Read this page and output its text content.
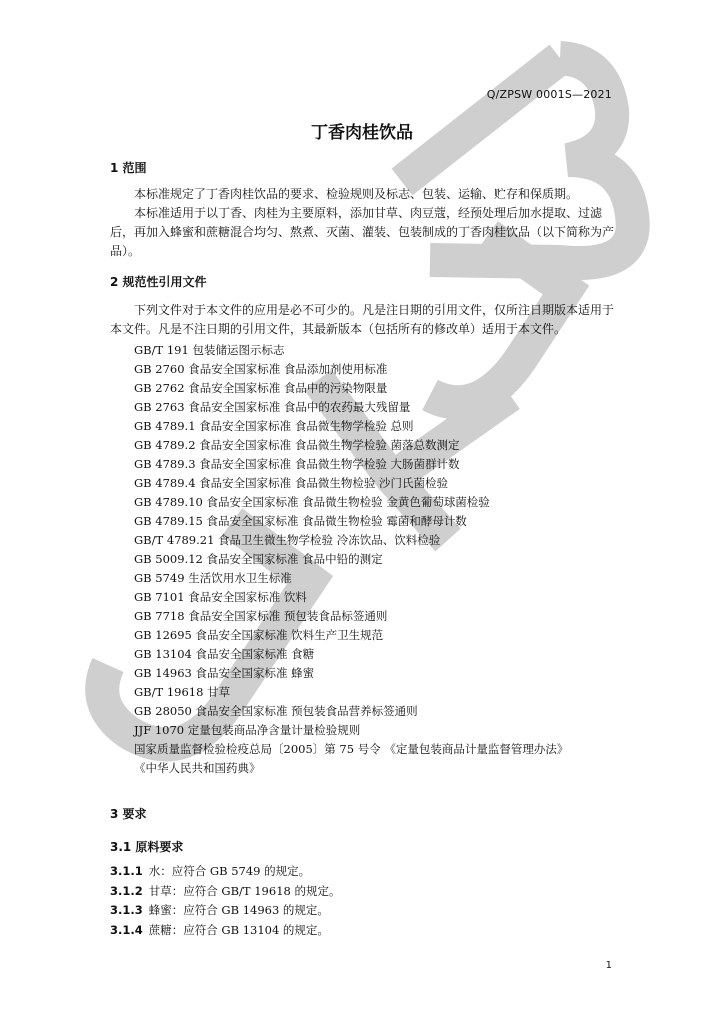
Q/ZPSW 0001S—2021
丁香肉桂饮品
1 范围
本标准规定了丁香肉桂饮品的要求、检验规则及标志、包装、运输、贮存和保质期。
本标准适用于以丁香、肉桂为主要原料，添加甘草、肉豆蔻，经预处理后加水提取、过滤后，再加入蜂蜜和蔗糖混合均匀、熬煮、灭菌、灌装、包装制成的丁香肉桂饮品（以下简称为产品）。
2 规范性引用文件
下列文件对于本文件的应用是必不可少的。凡是注日期的引用文件，仅所注日期版本适用于本文件。凡是不注日期的引用文件，其最新版本（包括所有的修改单）适用于本文件。
GB/T 191 包装储运图示标志
GB 2760 食品安全国家标准 食品添加剂使用标准
GB 2762 食品安全国家标准 食品中的污染物限量
GB 2763 食品安全国家标准 食品中的农药最大残留量
GB 4789.1 食品安全国家标准 食品微生物学检验 总则
GB 4789.2 食品安全国家标准 食品微生物学检验 菌落总数测定
GB 4789.3 食品安全国家标准 食品微生物学检验 大肠菌群计数
GB 4789.4 食品安全国家标准 食品微生物检验 沙门氏菌检验
GB 4789.10 食品安全国家标准 食品微生物检验 金黄色葡萄球菌检验
GB 4789.15 食品安全国家标准 食品微生物检验 霉菌和酵母计数
GB/T 4789.21 食品卫生微生物学检验 冷冻饮品、饮料检验
GB 5009.12 食品安全国家标准 食品中铅的测定
GB 5749 生活饮用水卫生标准
GB 7101 食品安全国家标准 饮料
GB 7718 食品安全国家标准 预包装食品标签通则
GB 12695 食品安全国家标准 饮料生产卫生规范
GB 13104 食品安全国家标准 食糖
GB 14963 食品安全国家标准 蜂蜜
GB/T 19618 甘草
GB 28050 食品安全国家标准 预包装食品营养标签通则
JJF 1070 定量包装商品净含量计量检验规则
国家质量监督检验检疫总局〔2005〕第 75 号令 《定量包装商品计量监督管理办法》
《中华人民共和国药典》
3 要求
3.1 原料要求
3.1.1 水：应符合 GB 5749 的规定。
3.1.2 甘草：应符合 GB/T 19618 的规定。
3.1.3 蜂蜜：应符合 GB 14963 的规定。
3.1.4 蔗糖：应符合 GB 13104 的规定。
1
